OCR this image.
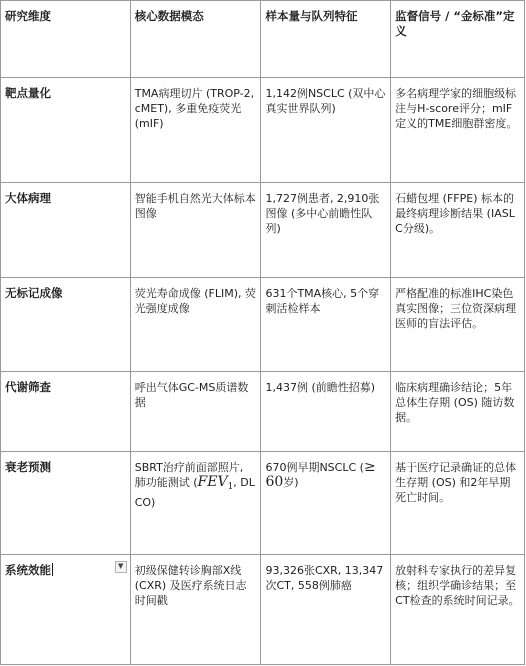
研究维度	核心数据模态	样本量与队列特征	监督信号 / “金标准”定义
靶点量化	TMA病理切片 (TROP-2, cMET), 多重免疫荧光 (mIF)	1,142例NSCLC (双中心真实世界队列)	多名病理学家的细胞级标注与H-score评分；mIF定义的TME细胞群密度。
大体病理	智能手机自然光大体标本图像	1,727例患者, 2,910张图像 (多中心前瞻性队列)	石蜡包埋 (FFPE) 标本的最终病理诊断结果 (IASLC分级)。
无标记成像	荧光寿命成像 (FLIM), 荧光强度成像	631个TMA核心, 5个穿刺活检样本	严格配准的标准IHC染色真实图像；三位资深病理医师的盲法评估。
代谢筛查	呼出气体GC-MS质谱数据	1,437例 (前瞻性招募)	临床病理确诊结论；5年总体生存期 (OS) 随访数据。
衰老预测	SBRT治疗前面部照片, 肺功能测试 ($FEV_1$, DLCO)	670例早期NSCLC (≥ 60岁)	基于医疗记录确证的总体生存期 (OS) 和2年早期死亡时间。

系统效能 ▼	初级保健转诊胸部X线 (CXR) 及医疗系统日志时间戳	93,326张CXR, 13,347次CT, 558例肺癌	放射科专家执行的差异复核；组织学确诊结果；至CT检查的系统时间记录。
